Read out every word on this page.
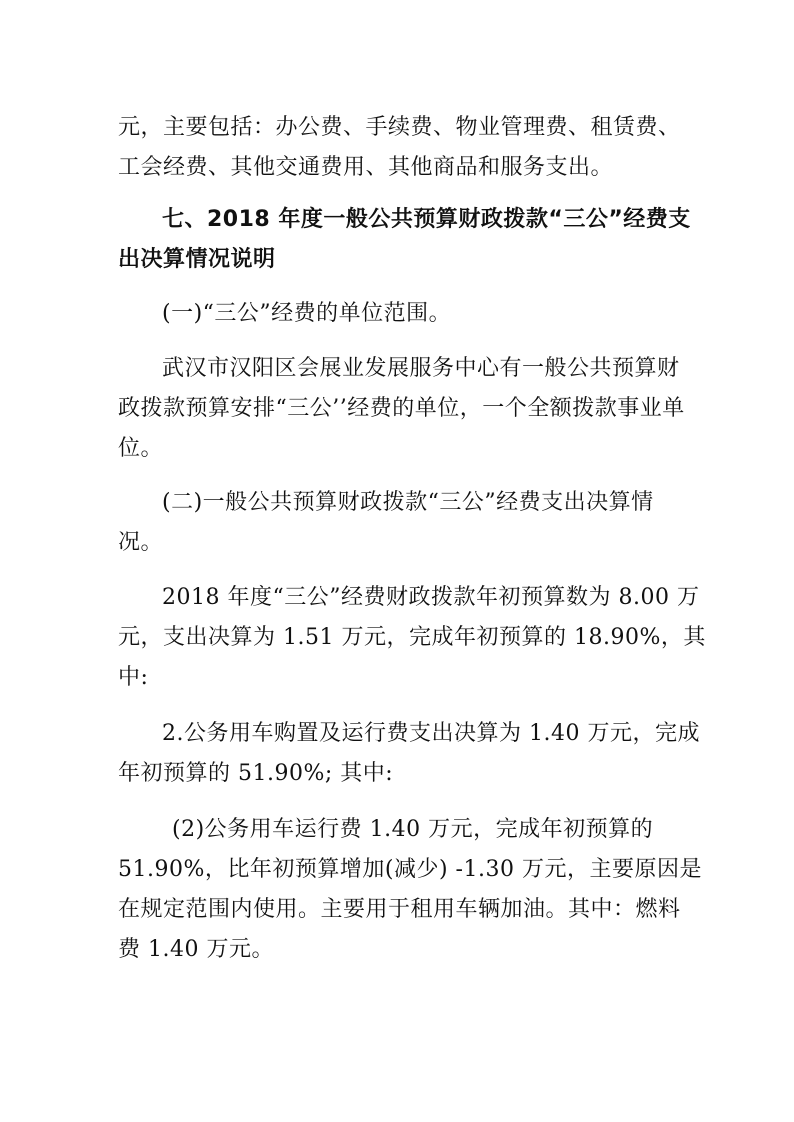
元，主要包括：办公费、手续费、物业管理费、租赁费、
工会经费、其他交通费用、其他商品和服务支出。
七、2018 年度一般公共预算财政拨款“三公”经费支
出决算情况说明
(一)“三公”经费的单位范围。
武汉市汉阳区会展业发展服务中心有一般公共预算财
政拨款预算安排“三公’’经费的单位，一个全额拨款事业单
位。
(二)一般公共预算财政拨款“三公”经费支出决算情
况。
2018 年度“三公”经费财政拨款年初预算数为 8.00 万
元，支出决算为 1.51 万元，完成年初预算的 18.90%，其
中:
2.公务用车购置及运行费支出决算为 1.40 万元，完成
年初预算的 51.90%; 其中:
(2)公务用车运行费 1.40 万元，完成年初预算的
51.90%，比年初预算增加(减少) -1.30 万元，主要原因是
在规定范围内使用。主要用于租用车辆加油。其中：燃料
费 1.40 万元。
